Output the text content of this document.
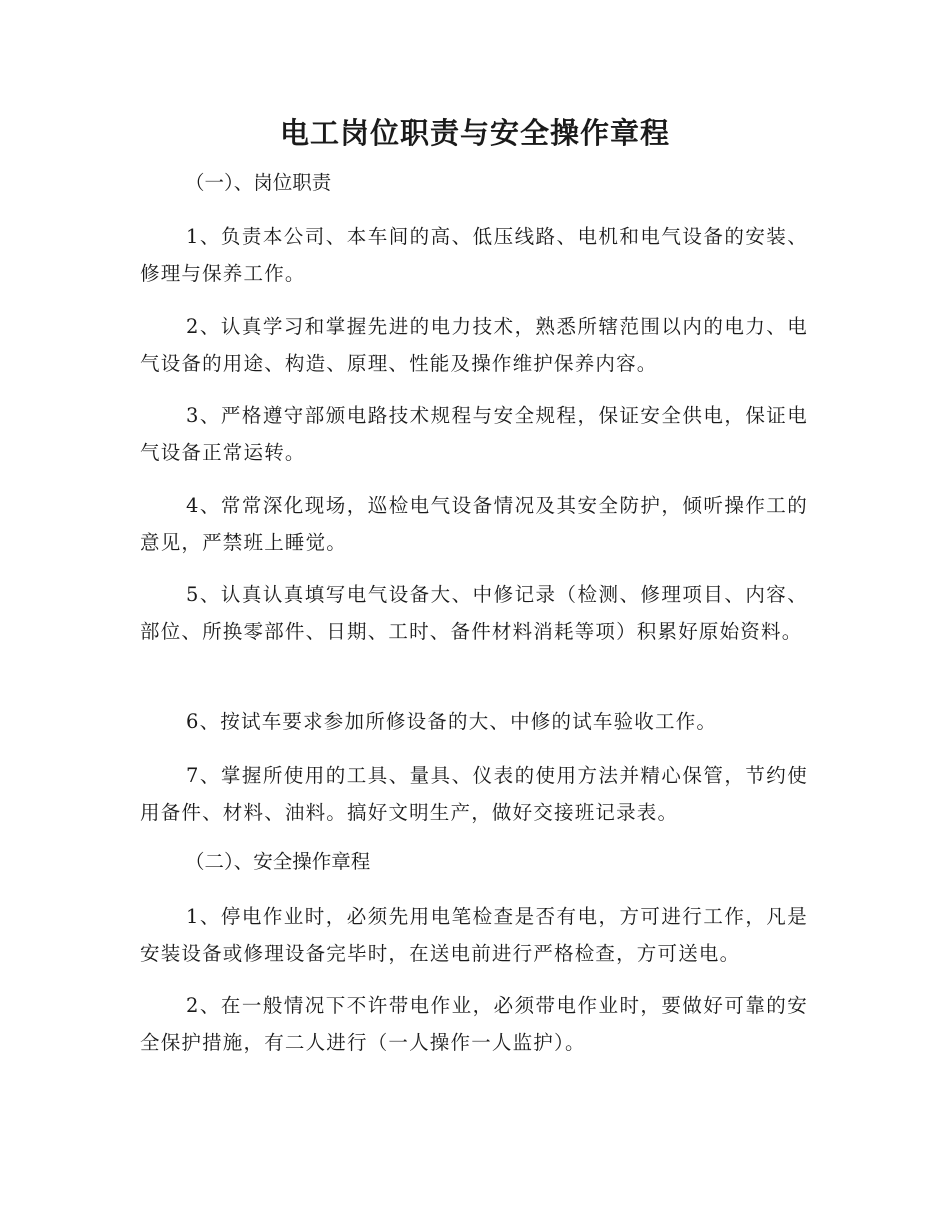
电工岗位职责与安全操作章程

（一）、岗位职责

1、负责本公司、本车间的高、低压线路、电机和电气设备的安装、修理与保养工作。

2、认真学习和掌握先进的电力技术，熟悉所辖范围以内的电力、电气设备的用途、构造、原理、性能及操作维护保养内容。

3、严格遵守部颁电路技术规程与安全规程，保证安全供电，保证电气设备正常运转。

4、常常深化现场，巡检电气设备情况及其安全防护，倾听操作工的意见，严禁班上睡觉。

5、认真认真填写电气设备大、中修记录（检测、修理项目、内容、部位、所换零部件、日期、工时、备件材料消耗等项）积累好原始资料。

6、按试车要求参加所修设备的大、中修的试车验收工作。

7、掌握所使用的工具、量具、仪表的使用方法并精心保管，节约使用备件、材料、油料。搞好文明生产，做好交接班记录表。

（二）、安全操作章程

1、停电作业时，必须先用电笔检查是否有电，方可进行工作，凡是安装设备或修理设备完毕时，在送电前进行严格检查，方可送电。

2、在一般情况下不许带电作业，必须带电作业时，要做好可靠的安全保护措施，有二人进行（一人操作一人监护）。
